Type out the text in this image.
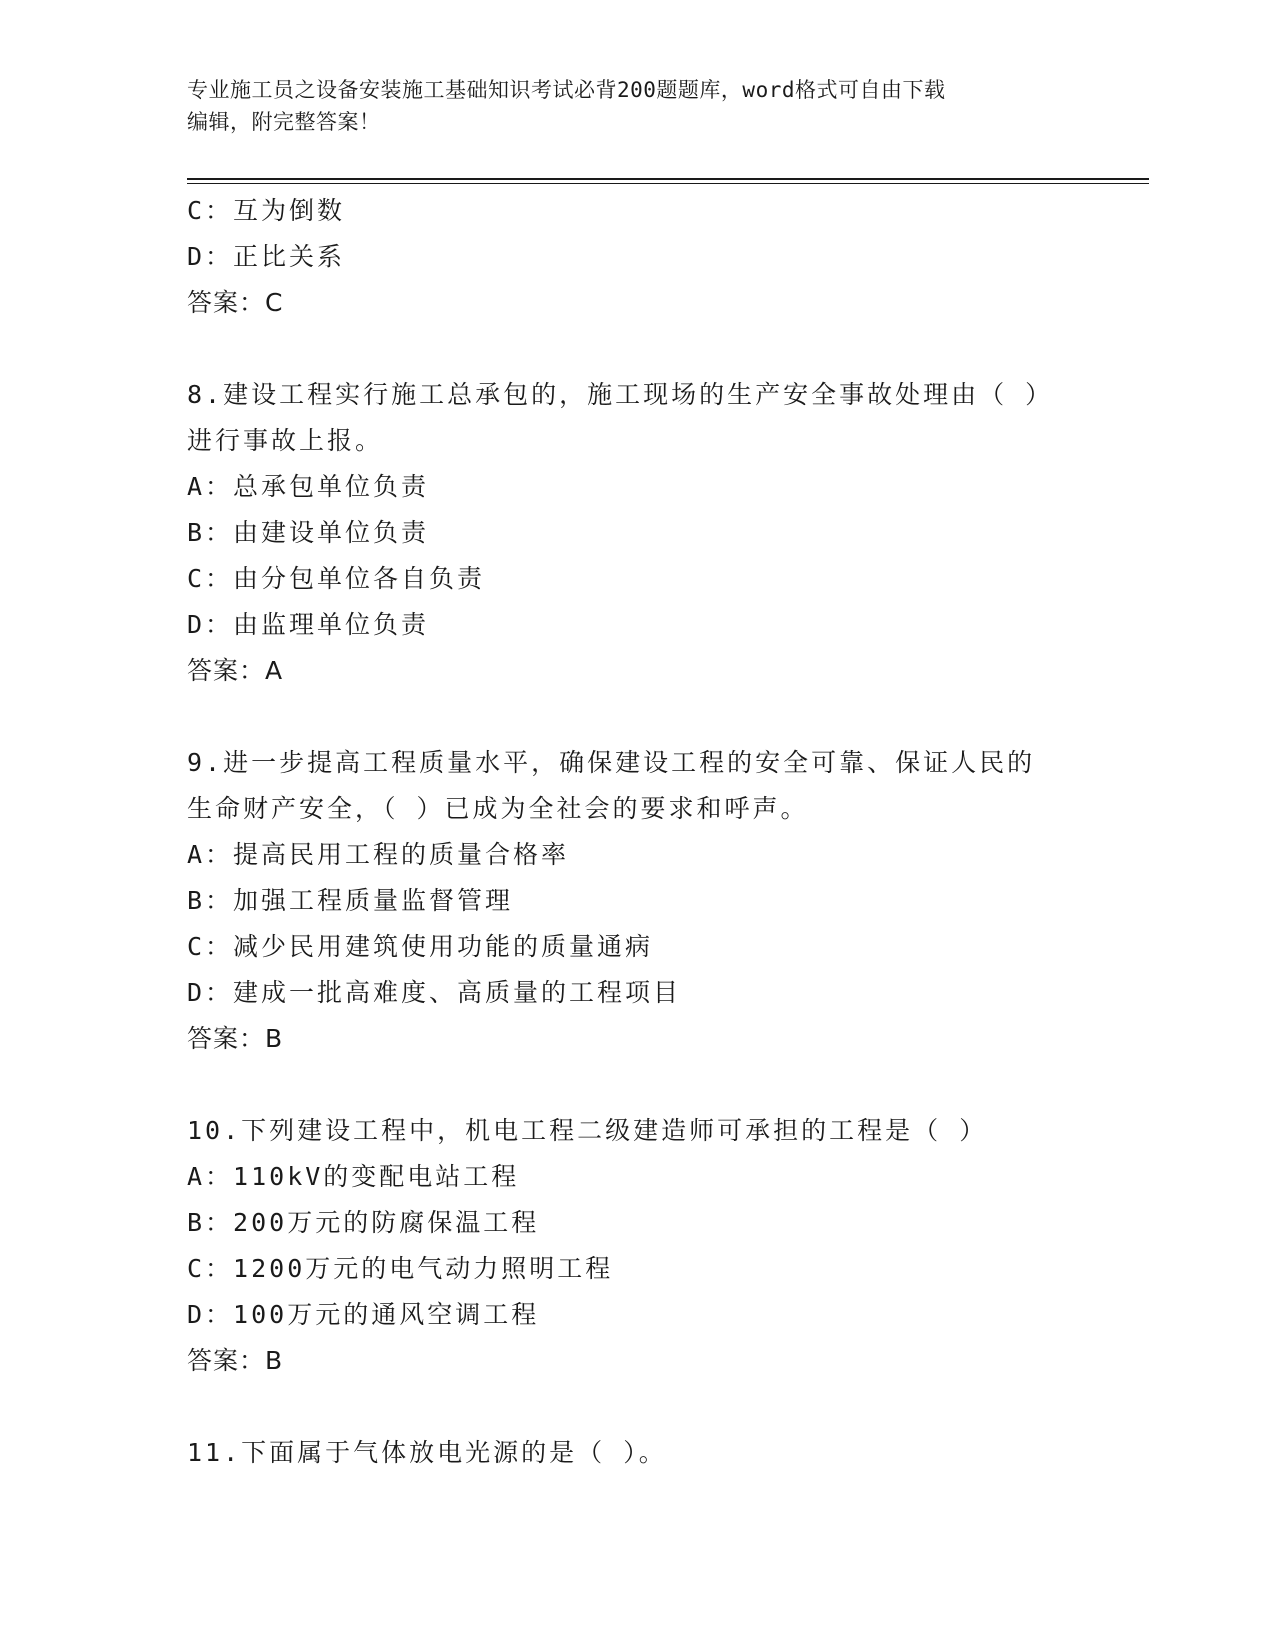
专业施工员之设备安装施工基础知识考试必背200题题库，word格式可自由下载
编辑，附完整答案！
C：互为倒数
D：正比关系
答案：C
8.建设工程实行施工总承包的，施工现场的生产安全事故处理由（ ）
进行事故上报。
A：总承包单位负责
B：由建设单位负责
C：由分包单位各自负责
D：由监理单位负责
答案：A
9.进一步提高工程质量水平，确保建设工程的安全可靠、保证人民的
生命财产安全，（ ）已成为全社会的要求和呼声。
A：提高民用工程的质量合格率
B：加强工程质量监督管理
C：减少民用建筑使用功能的质量通病
D：建成一批高难度、高质量的工程项目
答案：B
10.下列建设工程中，机电工程二级建造师可承担的工程是（ ）
A：110kV的变配电站工程
B：200万元的防腐保温工程
C：1200万元的电气动力照明工程
D：100万元的通风空调工程
答案：B
11.下面属于气体放电光源的是（ ）。
